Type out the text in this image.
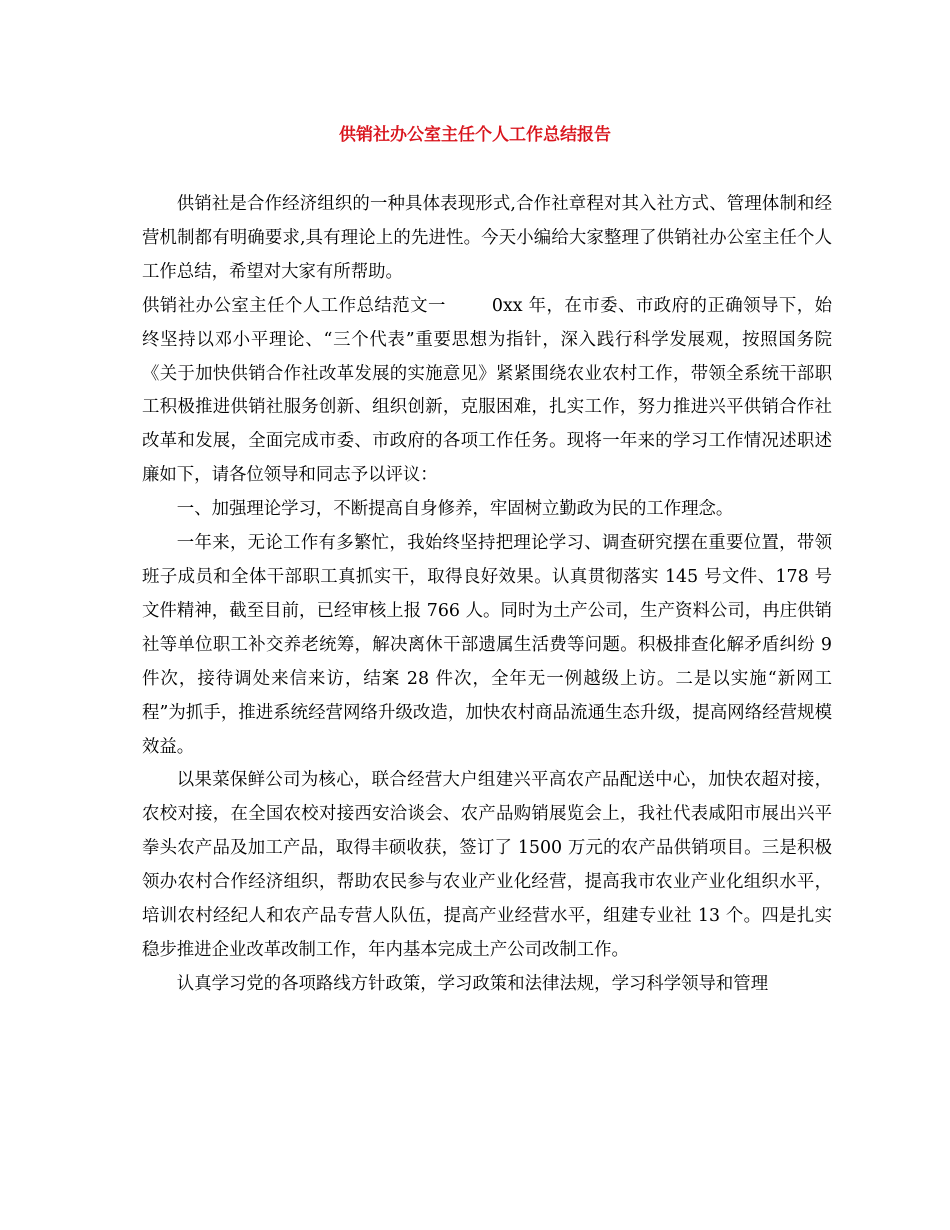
供销社办公室主任个人工作总结报告

供销社是合作经济组织的一种具体表现形式,合作社章程对其入社方式、管理体制和经营机制都有明确要求,具有理论上的先进性。今天小编给大家整理了供销社办公室主任个人工作总结，希望对大家有所帮助。

供销社办公室主任个人工作总结范文一	0xx 年，在市委、市政府的正确领导下，始终坚持以邓小平理论、“三个代表”重要思想为指针，深入践行科学发展观，按照国务院《关于加快供销合作社改革发展的实施意见》紧紧围绕农业农村工作，带领全系统干部职工积极推进供销社服务创新、组织创新，克服困难，扎实工作，努力推进兴平供销合作社改革和发展，全面完成市委、市政府的各项工作任务。现将一年来的学习工作情况述职述廉如下，请各位领导和同志予以评议：

一、加强理论学习，不断提高自身修养，牢固树立勤政为民的工作理念。

一年来，无论工作有多繁忙，我始终坚持把理论学习、调查研究摆在重要位置，带领班子成员和全体干部职工真抓实干，取得良好效果。认真贯彻落实 145 号文件、178 号文件精神，截至目前，已经审核上报 766 人。同时为土产公司，生产资料公司，冉庄供销社等单位职工补交养老统筹，解决离休干部遗属生活费等问题。积极排查化解矛盾纠纷 9 件次，接待调处来信来访，结案 28 件次，全年无一例越级上访。二是以实施“新网工程”为抓手，推进系统经营网络升级改造，加快农村商品流通生态升级，提高网络经营规模效益。

以果菜保鲜公司为核心，联合经营大户组建兴平高农产品配送中心，加快农超对接，农校对接，在全国农校对接西安洽谈会、农产品购销展览会上，我社代表咸阳市展出兴平拳头农产品及加工产品，取得丰硕收获，签订了 1500 万元的农产品供销项目。三是积极领办农村合作经济组织，帮助农民参与农业产业化经营，提高我市农业产业化组织水平，培训农村经纪人和农产品专营人队伍，提高产业经营水平，组建专业社 13 个。四是扎实稳步推进企业改革改制工作，年内基本完成土产公司改制工作。

认真学习党的各项路线方针政策，学习政策和法律法规，学习科学领导和管理
